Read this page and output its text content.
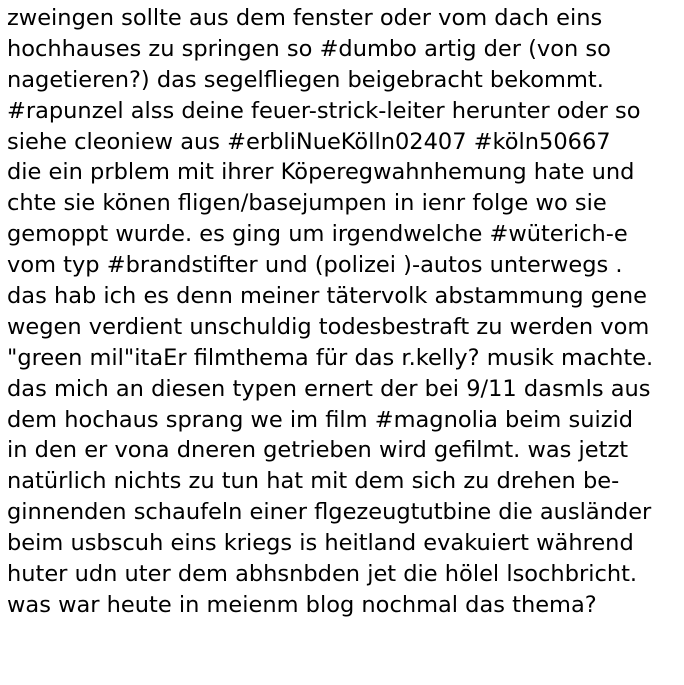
zweingen sollte aus dem fenster oder vom dach eins
hochhauses zu springen so #dumbo artig der (von so
nagetieren?) das segelfliegen beigebracht bekommt.
#rapunzel alss deine feuer-strick-leiter herunter oder so
siehe cleoniew aus #erbliNueKölln02407 #köln50667
die ein prblem mit ihrer Köperegwahnhemung hate und
chte sie könen fligen/basejumpen in ienr folge wo sie
gemoppt wurde. es ging um irgendwelche #wüterich-e
vom typ #brandstifter und (polizei )-autos unterwegs .
das hab ich es denn meiner tätervolk abstammung gene
wegen verdient unschuldig todesbestraft zu werden vom
"green mil"itaEr filmthema für das r.kelly? musik machte.
das mich an diesen typen ernert der bei 9/11 dasmls aus
dem hochaus sprang we im film #magnolia beim suizid
in den er vona dneren getrieben wird gefilmt. was jetzt
natürlich nichts zu tun hat mit dem sich zu drehen be-
ginnenden schaufeln einer flgezeugtutbine die ausländer
beim usbscuh eins kriegs is heitland evakuiert während
huter udn uter dem abhsnbden jet die hölel lsochbricht.
was war heute in meienm blog nochmal das thema?
